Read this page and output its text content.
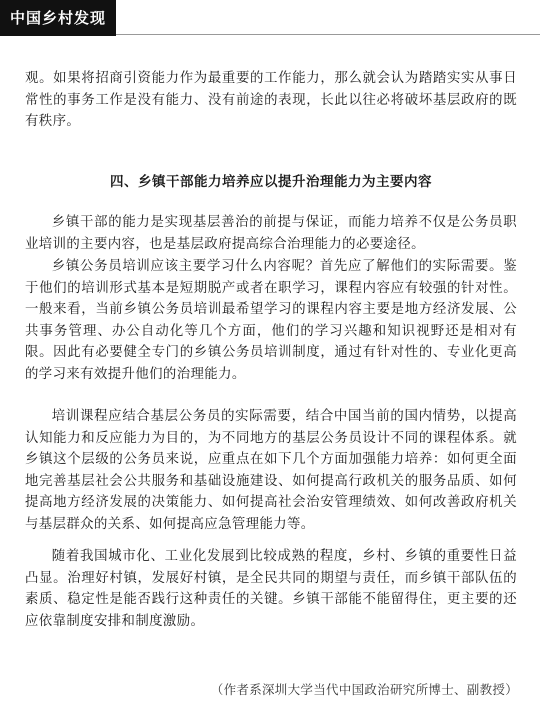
中国乡村发现

观。如果将招商引资能力作为最重要的工作能力，那么就会认为踏踏实实从事日常性的事务工作是没有能力、没有前途的表现，长此以往必将破坏基层政府的既有秩序。

四、乡镇干部能力培养应以提升治理能力为主要内容

乡镇干部的能力是实现基层善治的前提与保证，而能力培养不仅是公务员职业培训的主要内容，也是基层政府提高综合治理能力的必要途径。

乡镇公务员培训应该主要学习什么内容呢？首先应了解他们的实际需要。鉴于他们的培训形式基本是短期脱产或者在职学习，课程内容应有较强的针对性。一般来看，当前乡镇公务员培训最希望学习的课程内容主要是地方经济发展、公共事务管理、办公自动化等几个方面，他们的学习兴趣和知识视野还是相对有限。因此有必要健全专门的乡镇公务员培训制度，通过有针对性的、专业化更高的学习来有效提升他们的治理能力。

培训课程应结合基层公务员的实际需要，结合中国当前的国内情势，以提高认知能力和反应能力为目的，为不同地方的基层公务员设计不同的课程体系。就乡镇这个层级的公务员来说，应重点在如下几个方面加强能力培养：如何更全面地完善基层社会公共服务和基础设施建设、如何提高行政机关的服务品质、如何提高地方经济发展的决策能力、如何提高社会治安管理绩效、如何改善政府机关与基层群众的关系、如何提高应急管理能力等。

随着我国城市化、工业化发展到比较成熟的程度，乡村、乡镇的重要性日益凸显。治理好村镇，发展好村镇，是全民共同的期望与责任，而乡镇干部队伍的素质、稳定性是能否践行这种责任的关键。乡镇干部能不能留得住，更主要的还应依靠制度安排和制度激励。

（作者系深圳大学当代中国政治研究所博士、副教授）
